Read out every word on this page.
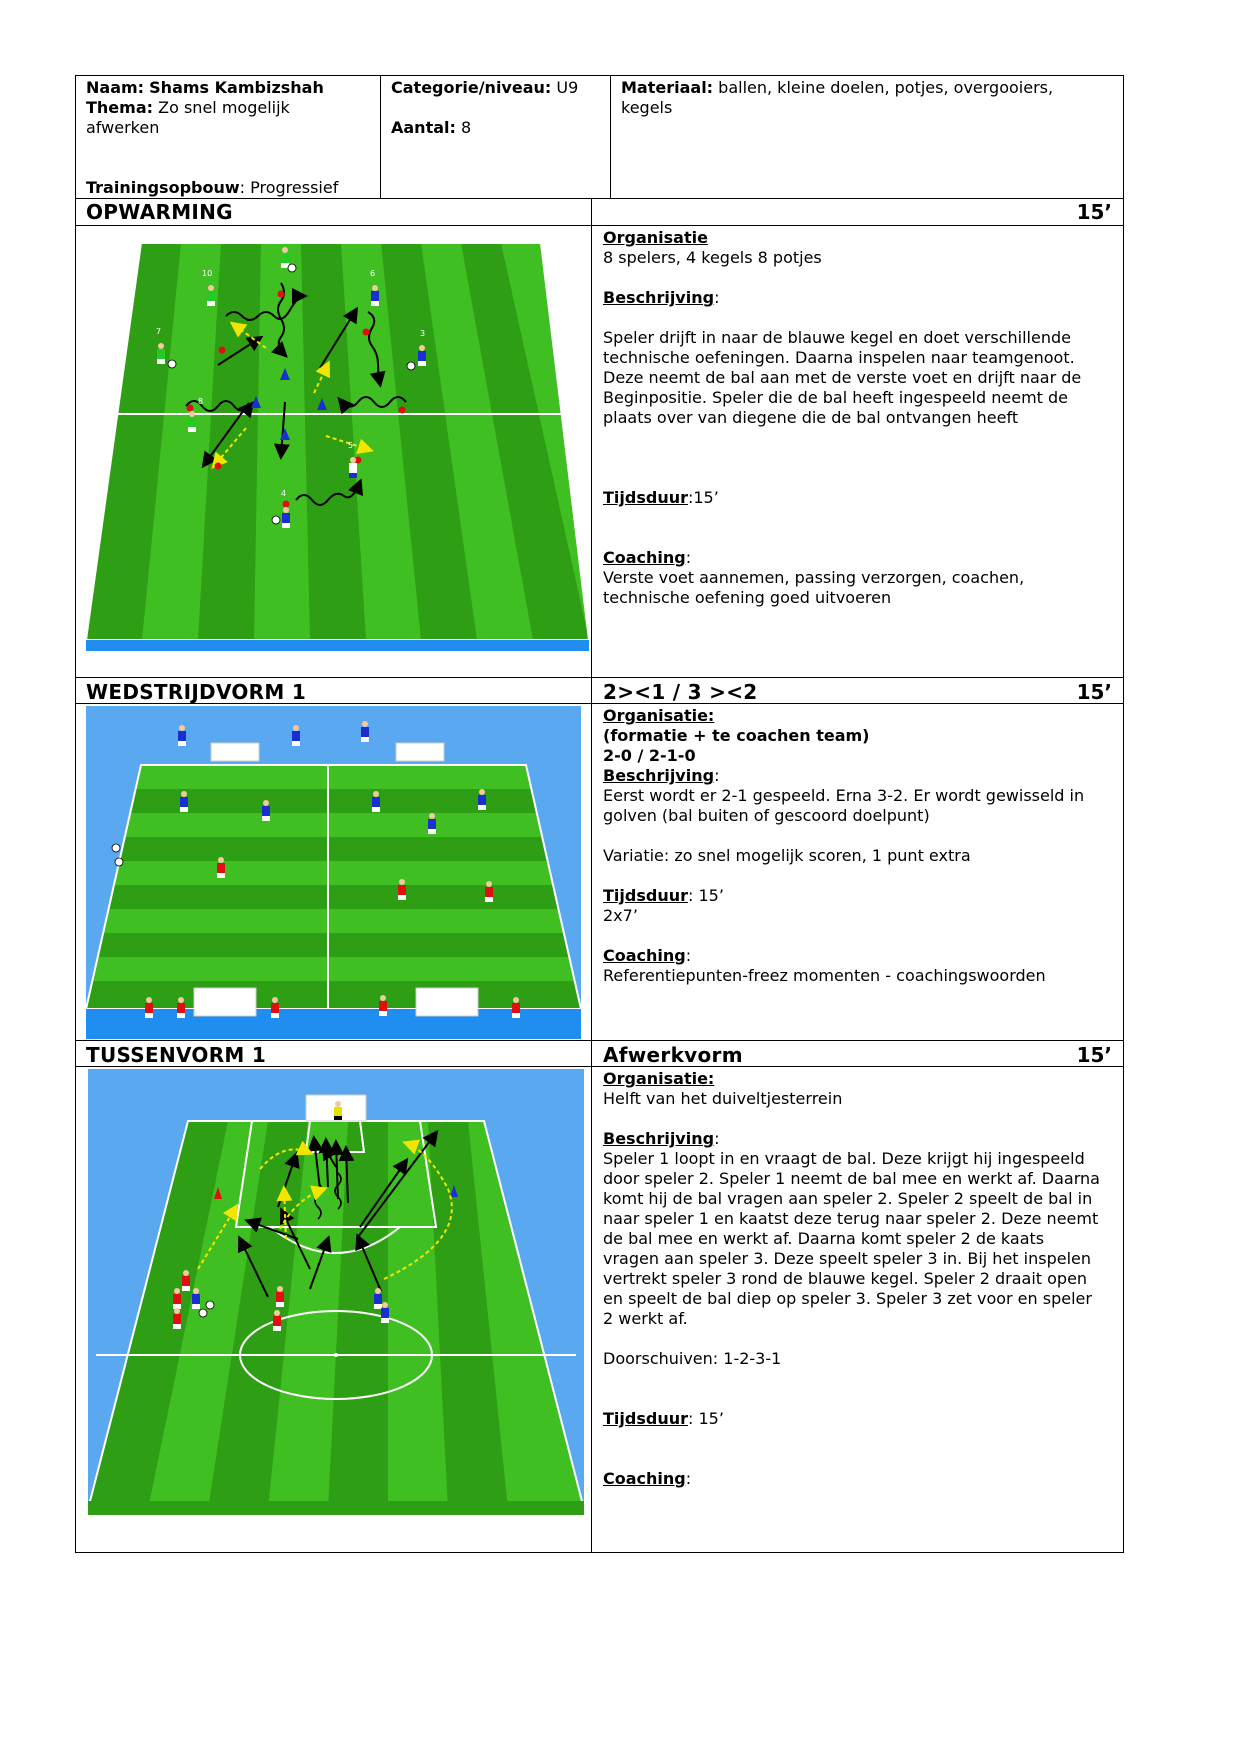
Naam: Shams Kambizshah
Thema: Zo snel mogelijk
afwerken
Trainingsopbouw: Progressief
Categorie/niveau: U9
Aantal: 8
Materiaal: ballen, kleine doelen, potjes, overgooiers,
kegels
OPWARMING	15’
9
10
7
8
6
3
5
4
Organisatie
8 spelers, 4 kegels 8 potjes
Beschrijving:
Speler drijft in naar de blauwe kegel en doet verschillende
technische oefeningen. Daarna inspelen naar teamgenoot.
Deze neemt de bal aan met de verste voet en drijft naar de
Beginpositie. Speler die de bal heeft ingespeeld neemt de
plaats over van diegene die de bal ontvangen heeft
Tijdsduur:15’
Coaching:
Verste voet aannemen, passing verzorgen, coachen,
technische oefening goed uitvoeren
WEDSTRIJDVORM 1	2><1 / 3 ><2	15’
Organisatie:
(formatie + te coachen team)
2-0 / 2-1-0
Beschrijving:
Eerst wordt er 2-1 gespeeld. Erna 3-2. Er wordt gewisseld in
golven (bal buiten of gescoord doelpunt)
Variatie: zo snel mogelijk scoren, 1 punt extra
Tijdsduur: 15’
2x7’
Coaching:
Referentiepunten-freez momenten - coachingswoorden
TUSSENVORM 1	Afwerkvorm	15’
Organisatie:
Helft van het duiveltjesterrein
Beschrijving:
Speler 1 loopt in en vraagt de bal. Deze krijgt hij ingespeeld
door speler 2. Speler 1 neemt de bal mee en werkt af. Daarna
komt hij de bal vragen aan speler 2. Speler 2 speelt de bal in
naar speler 1 en kaatst deze terug naar speler 2. Deze neemt
de bal mee en werkt af. Daarna komt speler 2 de kaats
vragen aan speler 3. Deze speelt speler 3 in. Bij het inspelen
vertrekt speler 3 rond de blauwe kegel. Speler 2 draait open
en speelt de bal diep op speler 3. Speler 3 zet voor en speler
2 werkt af.
Doorschuiven: 1-2-3-1
Tijdsduur: 15’
Coaching:
